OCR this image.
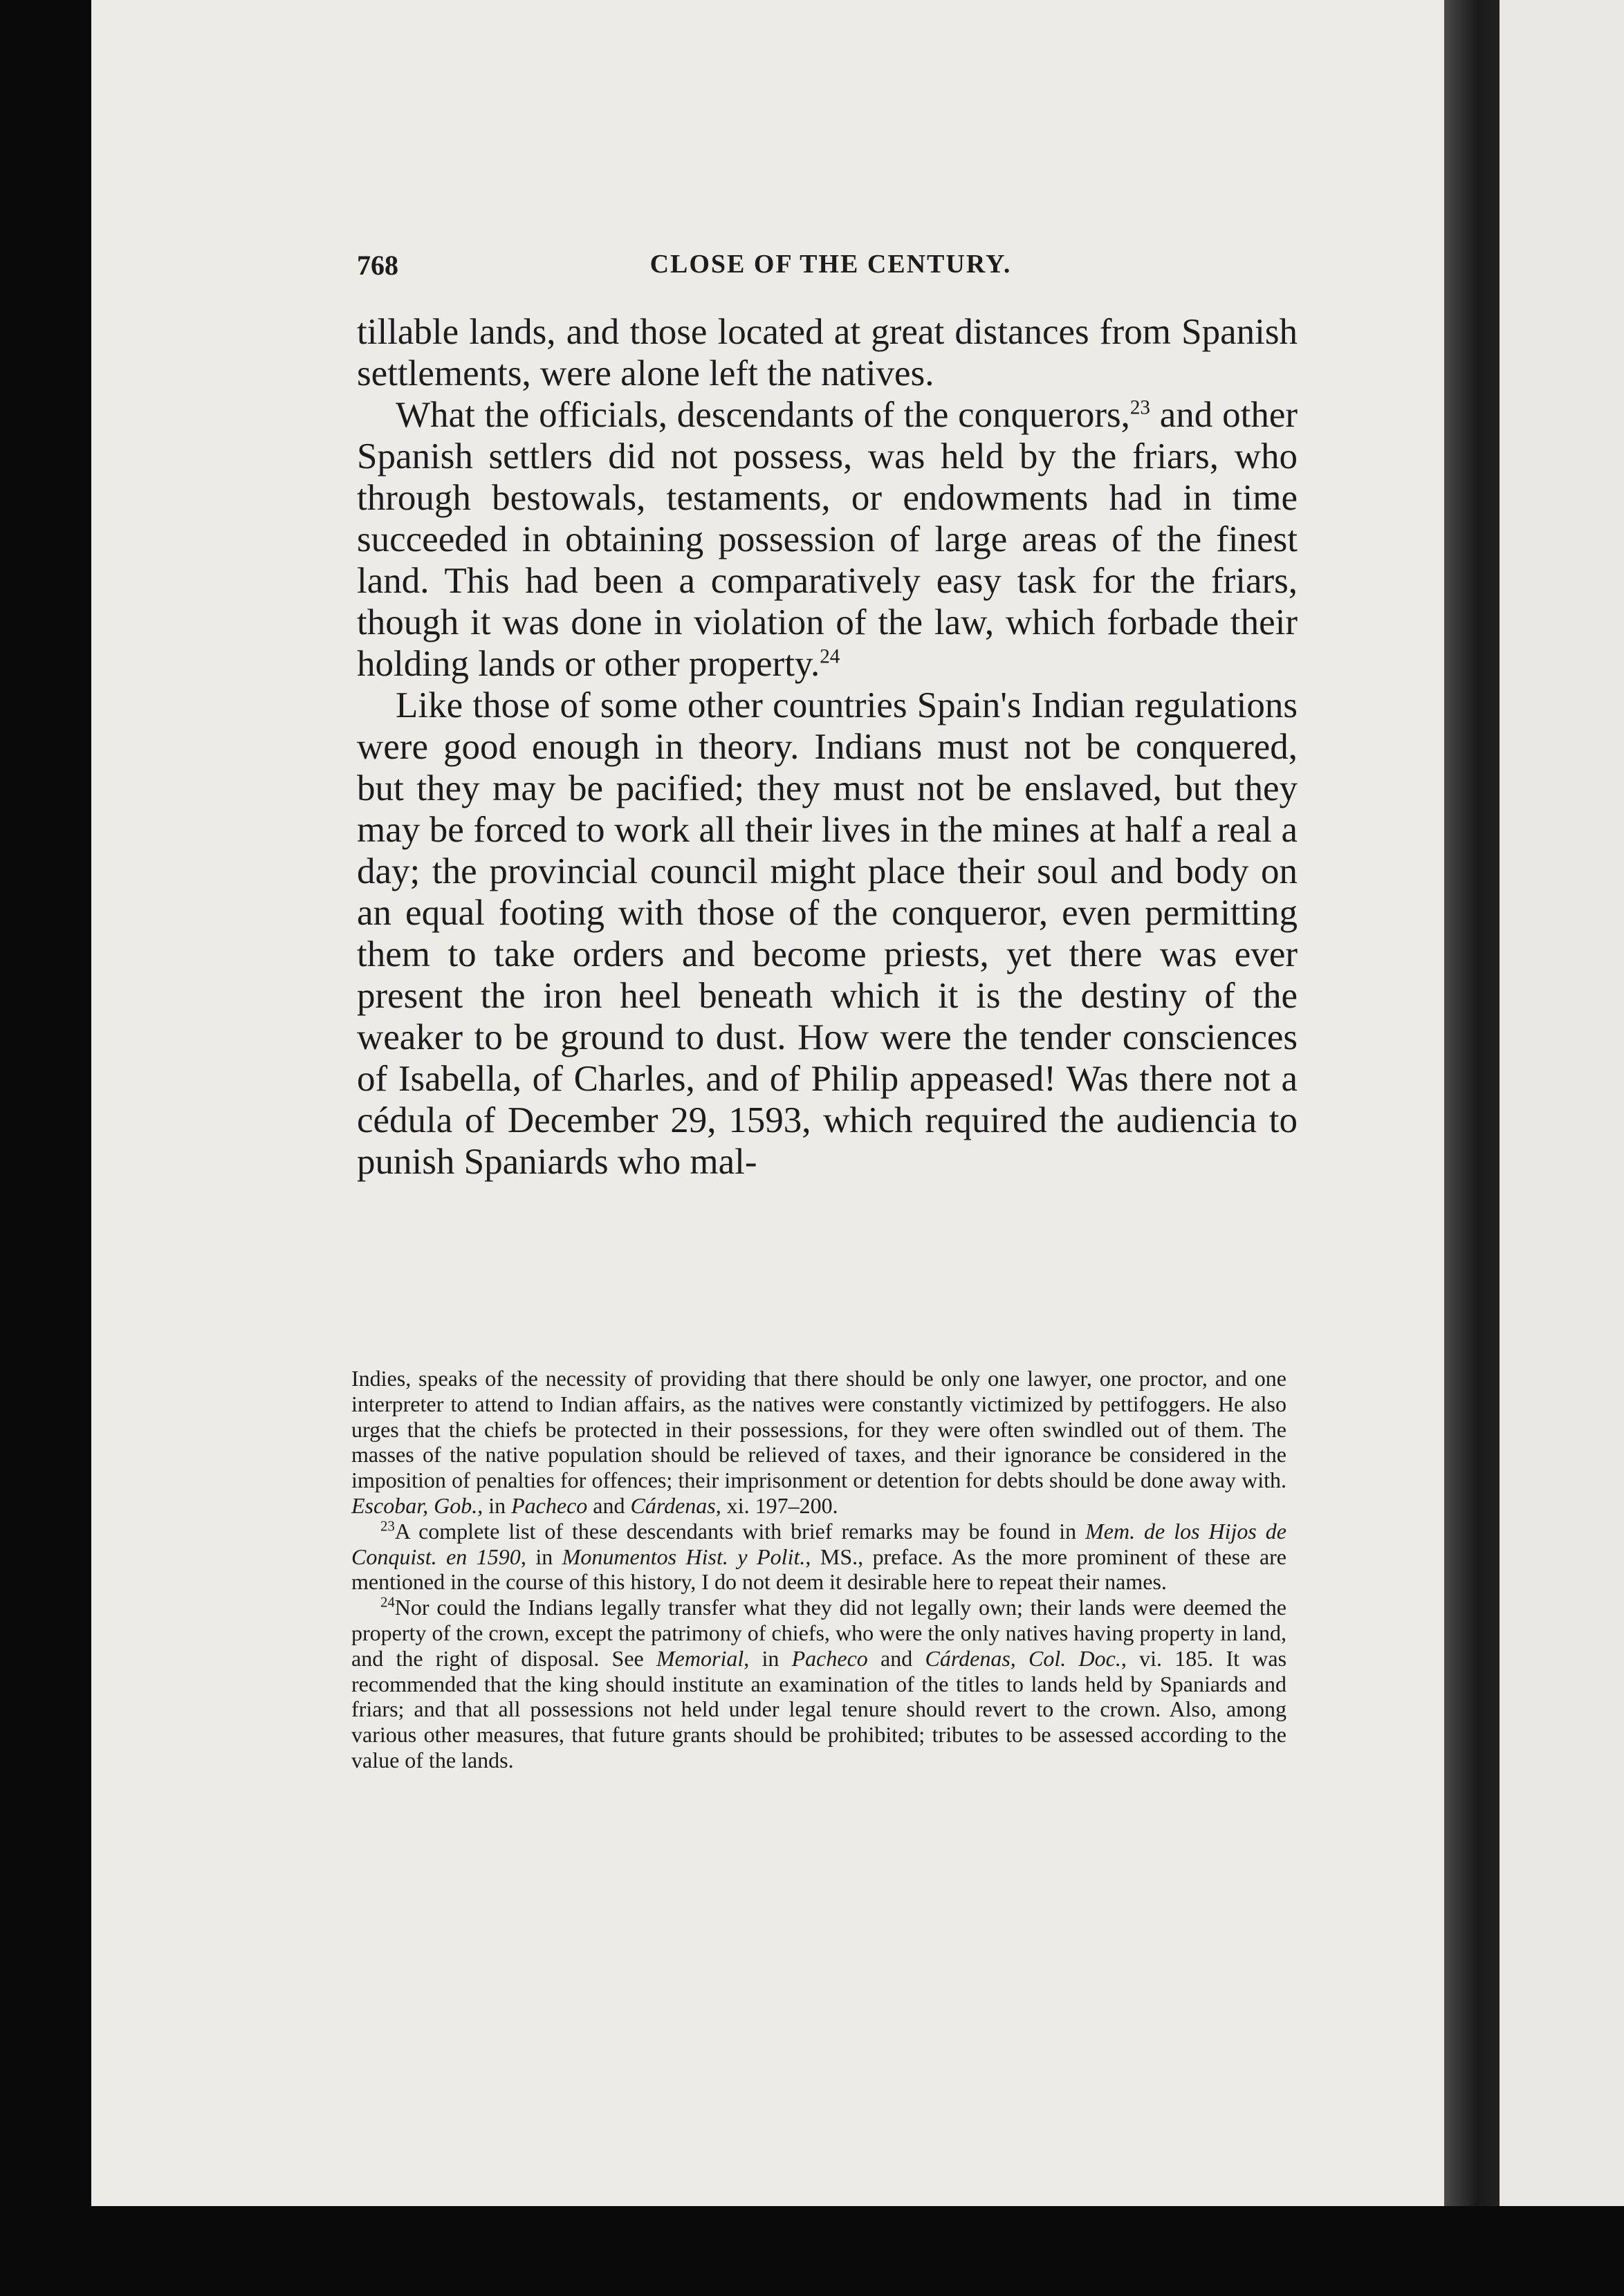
768	CLOSE OF THE CENTURY.

tillable lands, and those located at great distances from Spanish settlements, were alone left the natives.

What the officials, descendants of the conquerors,$^{23}$ and other Spanish settlers did not possess, was held by the friars, who through bestowals, testaments, or endowments had in time succeeded in obtaining possession of large areas of the finest land. This had been a comparatively easy task for the friars, though it was done in violation of the law, which forbade their holding lands or other property.$^{24}$

Like those of some other countries Spain's Indian regulations were good enough in theory. Indians must not be conquered, but they may be pacified; they must not be enslaved, but they may be forced to work all their lives in the mines at half a real a day; the provincial council might place their soul and body on an equal footing with those of the conqueror, even permitting them to take orders and become priests, yet there was ever present the iron heel beneath which it is the destiny of the weaker to be ground to dust. How were the tender consciences of Isabella, of Charles, and of Philip appeased! Was there not a cédula of December 29, 1593, which required the audiencia to punish Spaniards who mal-

Indies, speaks of the necessity of providing that there should be only one lawyer, one proctor, and one interpreter to attend to Indian affairs, as the natives were constantly victimized by pettifoggers. He also urges that the chiefs be protected in their possessions, for they were often swindled out of them. The masses of the native population should be relieved of taxes, and their ignorance be considered in the imposition of penalties for offences; their imprisonment or detention for debts should be done away with. Escobar, Gob., in Pacheco and Cárdenas, xi. 197–200.

$^{23}$A complete list of these descendants with brief remarks may be found in Mem. de los Hijos de Conquist. en 1590, in Monumentos Hist. y Polit., MS., preface. As the more prominent of these are mentioned in the course of this history, I do not deem it desirable here to repeat their names.

$^{24}$Nor could the Indians legally transfer what they did not legally own; their lands were deemed the property of the crown, except the patrimony of chiefs, who were the only natives having property in land, and the right of disposal. See Memorial, in Pacheco and Cárdenas, Col. Doc., vi. 185. It was recommended that the king should institute an examination of the titles to lands held by Spaniards and friars; and that all possessions not held under legal tenure should revert to the crown. Also, among various other measures, that future grants should be prohibited; tributes to be assessed according to the value of the lands.
